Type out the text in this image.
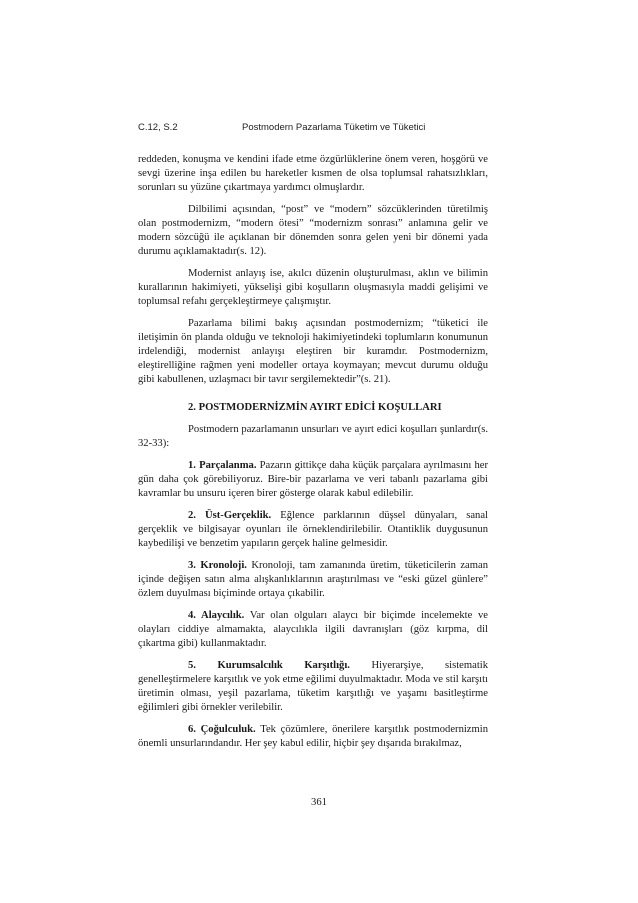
C.12, S.2	Postmodern Pazarlama Tüketim ve Tüketici

reddeden, konuşma ve kendini ifade etme özgürlüklerine önem veren, hoşgörü ve sevgi üzerine inşa edilen bu hareketler kısmen de olsa toplumsal rahatsızlıkları, sorunları su yüzüne çıkartmaya yardımcı olmuşlardır.

Dilbilimi açısından, “post” ve “modern” sözcüklerinden türetilmiş olan postmodernizm, “modern ötesi” “modernizm sonrası” anlamına gelir ve modern sözcüğü ile açıklanan bir dönemden sonra gelen yeni bir dönemi yada durumu açıklamaktadır(s. 12).

Modernist anlayış ise, akılcı düzenin oluşturulması, aklın ve bilimin kurallarının hakimiyeti, yükselişi gibi koşulların oluşmasıyla maddi gelişimi ve toplumsal refahı gerçekleştirmeye çalışmıştır.

Pazarlama bilimi bakış açısından postmodernizm; “tüketici ile iletişimin ön planda olduğu ve teknoloji hakimiyetindeki toplumların konumunun irdelendiği, modernist anlayışı eleştiren bir kuramdır. Postmodernizm, eleştirelliğine rağmen yeni modeller ortaya koymayan; mevcut durumu olduğu gibi kabullenen, uzlaşmacı bir tavır sergilemektedir”(s. 21).

2. POSTMODERNİZMİN AYIRT EDİCİ KOŞULLARI

Postmodern pazarlamanın unsurları ve ayırt edici koşulları şunlardır(s. 32-33):

1. Parçalanma. Pazarın gittikçe daha küçük parçalara ayrılmasını her gün daha çok görebiliyoruz. Bire-bir pazarlama ve veri tabanlı pazarlama gibi kavramlar bu unsuru içeren birer gösterge olarak kabul edilebilir.

2. Üst-Gerçeklik. Eğlence parklarının düşsel dünyaları, sanal gerçeklik ve bilgisayar oyunları ile örneklendirilebilir. Otantiklik duygusunun kaybedilişi ve benzetim yapıların gerçek haline gelmesidir.

3. Kronoloji. Kronoloji, tam zamanında üretim, tüketicilerin zaman içinde değişen satın alma alışkanlıklarının araştırılması ve “eski güzel günlere” özlem duyulması biçiminde ortaya çıkabilir.

4. Alaycılık. Var olan olguları alaycı bir biçimde incelemekte ve olayları ciddiye almamakta, alaycılıkla ilgili davranışları (göz kırpma, dil çıkartma gibi) kullanmaktadır.

5. Kurumsalcılık Karşıtlığı. Hiyerarşiye, sistematik genelleştirmelere karşıtlık ve yok etme eğilimi duyulmaktadır. Moda ve stil karşıtı üretimin olması, yeşil pazarlama, tüketim karşıtlığı ve yaşamı basitleştirme eğilimleri gibi örnekler verilebilir.

6. Çoğulculuk. Tek çözümlere, önerilere karşıtlık postmodernizmin önemli unsurlarındandır. Her şey kabul edilir, hiçbir şey dışarıda bırakılmaz,

361
